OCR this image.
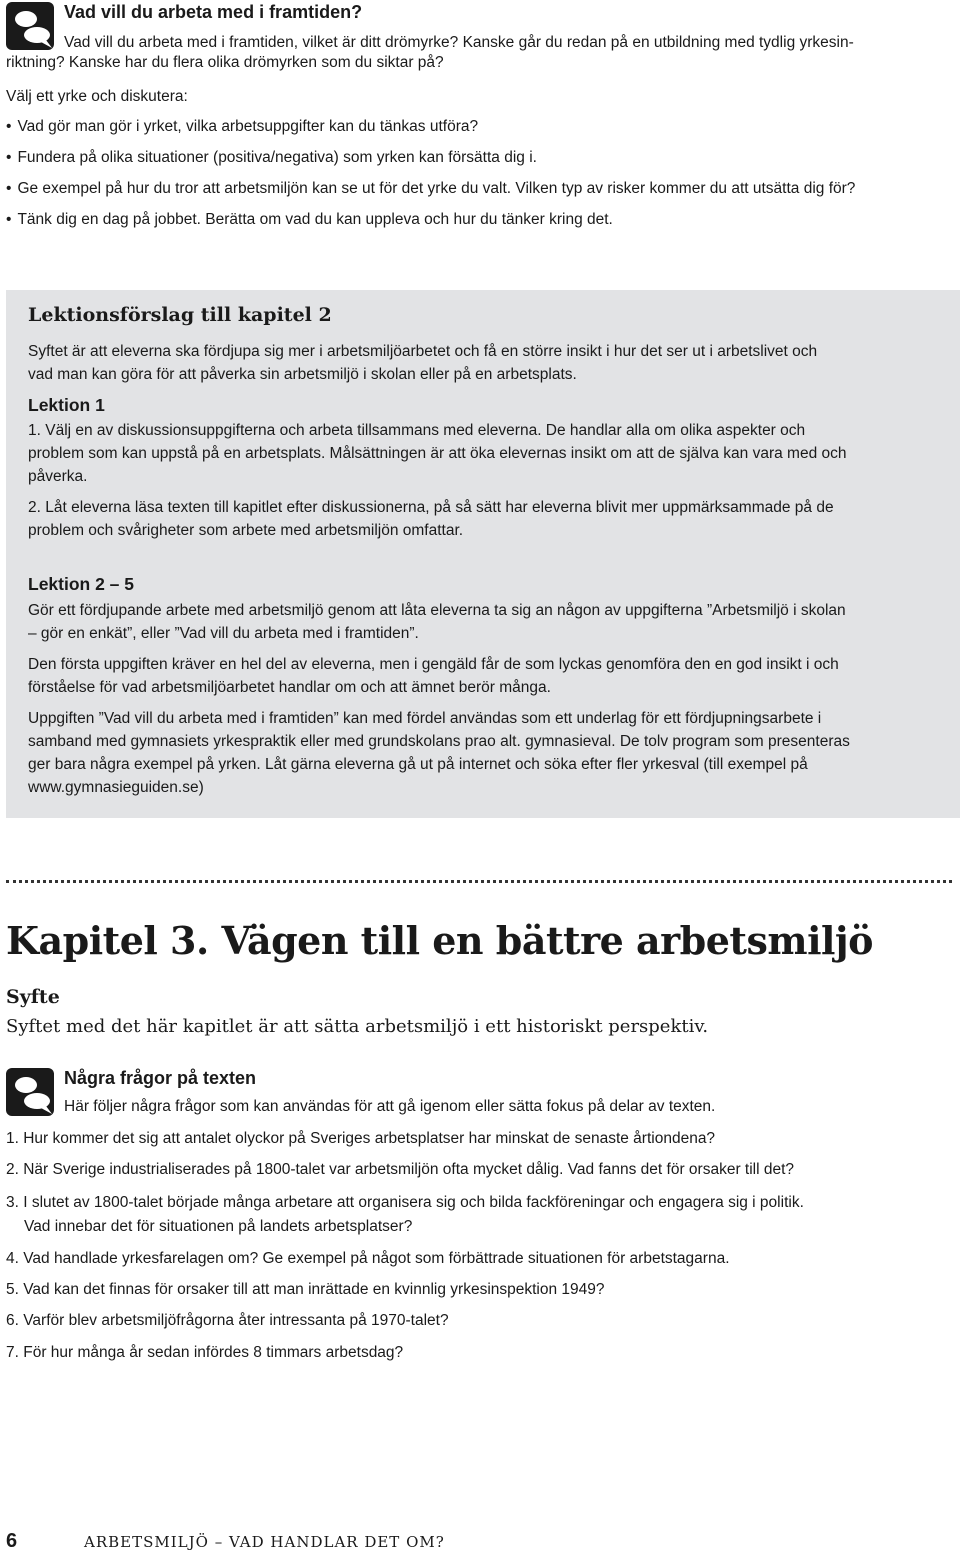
Vad vill du arbeta med i framtiden?
Vad vill du arbeta med i framtiden, vilket är ditt drömyrke? Kanske går du redan på en utbildning med tydlig yrkesin-
riktning? Kanske har du flera olika drömyrken som du siktar på?
Välj ett yrke och diskutera:
• Vad gör man gör i yrket, vilka arbetsuppgifter kan du tänkas utföra?
• Fundera på olika situationer (positiva/negativa) som yrken kan försätta dig i.
• Ge exempel på hur du tror att arbetsmiljön kan se ut för det yrke du valt. Vilken typ av risker kommer du att utsätta dig för?
• Tänk dig en dag på jobbet. Berätta om vad du kan uppleva och hur du tänker kring det.
Lektionsförslag till kapitel 2
Syftet är att eleverna ska fördjupa sig mer i arbetsmiljöarbetet och få en större insikt i hur det ser ut i arbetslivet och
vad man kan göra för att påverka sin arbetsmiljö i skolan eller på en arbetsplats.
Lektion 1
1. Välj en av diskussionsuppgifterna och arbeta tillsammans med eleverna. De handlar alla om olika aspekter och
problem som kan uppstå på en arbetsplats. Målsättningen är att öka elevernas insikt om att de själva kan vara med och
påverka.
2. Låt eleverna läsa texten till kapitlet efter diskussionerna, på så sätt har eleverna blivit mer uppmärksammade på de
problem och svårigheter som arbete med arbetsmiljön omfattar.
Lektion 2 – 5
Gör ett fördjupande arbete med arbetsmiljö genom att låta eleverna ta sig an någon av uppgifterna ”Arbetsmiljö i skolan
– gör en enkät”, eller ”Vad vill du arbeta med i framtiden”.
Den första uppgiften kräver en hel del av eleverna, men i gengäld får de som lyckas genomföra den en god insikt i och
förståelse för vad arbetsmiljöarbetet handlar om och att ämnet berör många.
Uppgiften ”Vad vill du arbeta med i framtiden” kan med fördel användas som ett underlag för ett fördjupningsarbete i
samband med gymnasiets yrkespraktik eller med grundskolans prao alt. gymnasieval. De tolv program som presenteras
ger bara några exempel på yrken. Låt gärna eleverna gå ut på internet och söka efter fler yrkesval (till exempel på
www.gymnasieguiden.se)
Kapitel 3. Vägen till en bättre arbetsmiljö
Syfte
Syftet med det här kapitlet är att sätta arbetsmiljö i ett historiskt perspektiv.
Några frågor på texten
Här följer några frågor som kan användas för att gå igenom eller sätta fokus på delar av texten.
1. Hur kommer det sig att antalet olyckor på Sveriges arbetsplatser har minskat de senaste årtiondena?
2. När Sverige industrialiserades på 1800-talet var arbetsmiljön ofta mycket dålig. Vad fanns det för orsaker till det?
3. I slutet av 1800-talet började många arbetare att organisera sig och bilda fackföreningar och engagera sig i politik.
Vad innebar det för situationen på landets arbetsplatser?
4. Vad handlade yrkesfarelagen om? Ge exempel på något som förbättrade situationen för arbetstagarna.
5. Vad kan det finnas för orsaker till att man inrättade en kvinnlig yrkesinspektion 1949?
6. Varför blev arbetsmiljöfrågorna åter intressanta på 1970-talet?
7. För hur många år sedan infördes 8 timmars arbetsdag?
6	ARBETSMILJÖ – VAD HANDLAR DET OM?
